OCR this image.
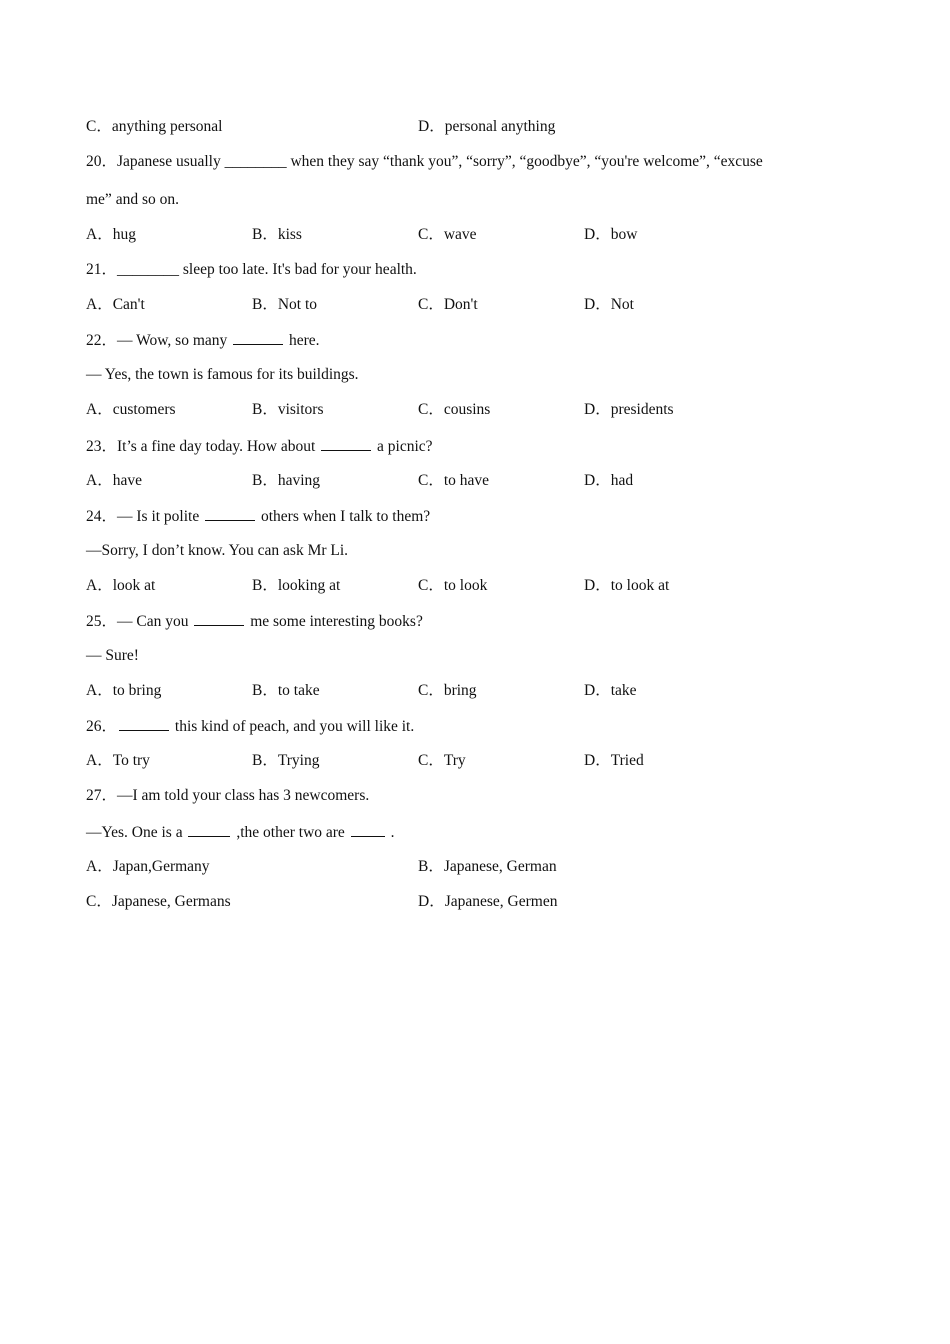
C．anything personal	D．personal anything
20．Japanese usually ________ when they say “thank you”, “sorry”, “goodbye”, “you're welcome”, “excuse
me” and so on.
A．hug	B．kiss	C．wave	D．bow
21．________ sleep too late. It's bad for your health.
A．Can't	B．Not to	C．Don't	D．Not
22．— Wow, so many	here.
— Yes, the town is famous for its buildings.
A．customers	B．visitors	C．cousins	D．presidents
23．It’s a fine day today. How about	a picnic?
A．have	B．having	C．to have	D．had
24．— Is it polite	others when I talk to them?
—Sorry, I don’t know. You can ask Mr Li.
A．look at	B．looking at	C．to look	D．to look at
25．— Can you	me some interesting books?
— Sure!
A．to bring	B．to take	C．bring	D．take
26．	this kind of peach, and you will like it.
A．To try	B．Trying	C．Try	D．Tried
27．—I am told your class has 3 newcomers.
—Yes. One is a	,the other two are	.
A．Japan,Germany	B．Japanese, German
C．Japanese, Germans	D．Japanese, Germen
